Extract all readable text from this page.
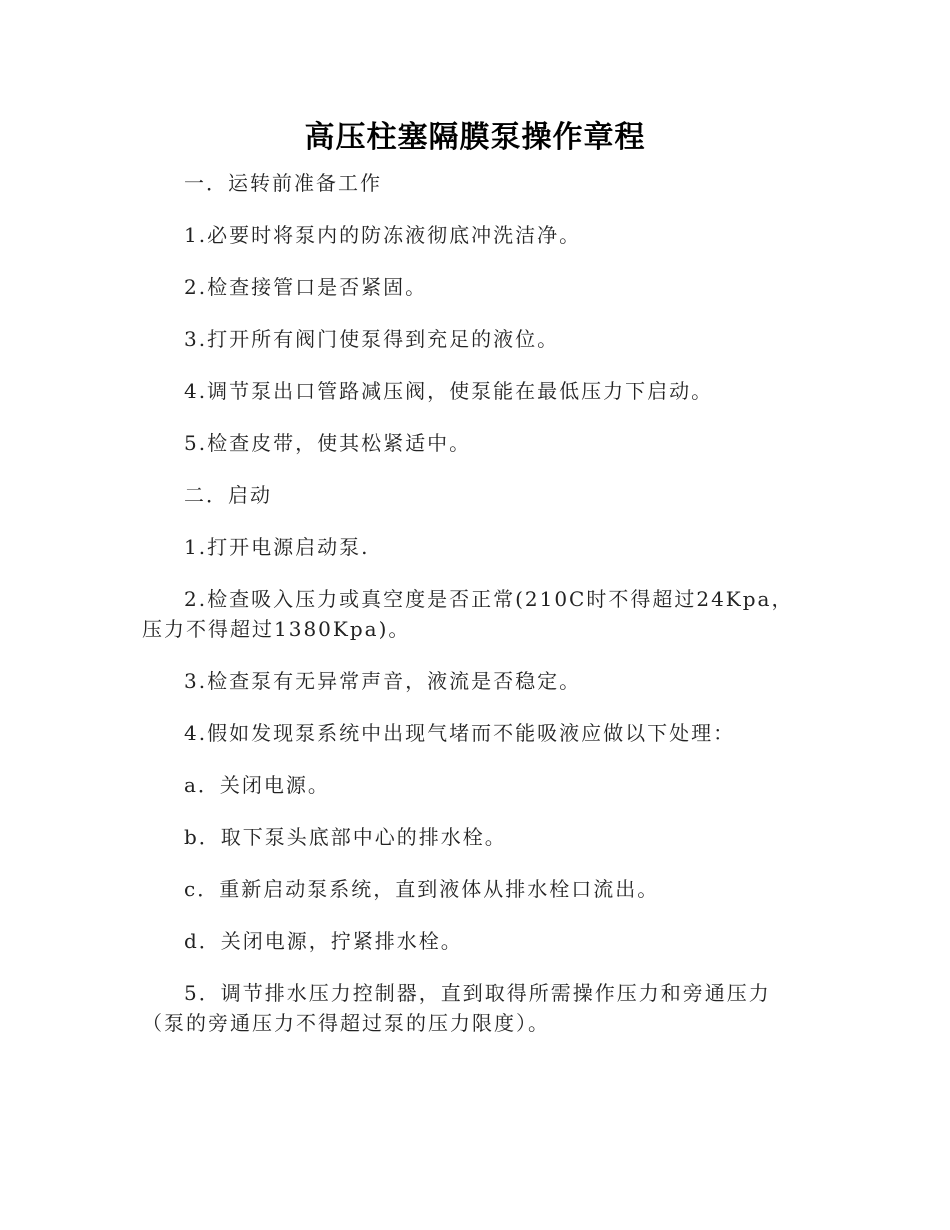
高压柱塞隔膜泵操作章程

一．运转前准备工作

1.必要时将泵内的防冻液彻底冲洗洁净。

2.检查接管口是否紧固。

3.打开所有阀门使泵得到充足的液位。

4.调节泵出口管路减压阀，使泵能在最低压力下启动。

5.检查皮带，使其松紧适中。

二．启动

1.打开电源启动泵.

2.检查吸入压力或真空度是否正常(210C时不得超过24Kpa，压力不得超过1380Kpa)。

3.检查泵有无异常声音，液流是否稳定。

4.假如发现泵系统中出现气堵而不能吸液应做以下处理：

a．关闭电源。

b．取下泵头底部中心的排水栓。

c．重新启动泵系统，直到液体从排水栓口流出。

d．关闭电源，拧紧排水栓。

5．调节排水压力控制器，直到取得所需操作压力和旁通压力（泵的旁通压力不得超过泵的压力限度）。
